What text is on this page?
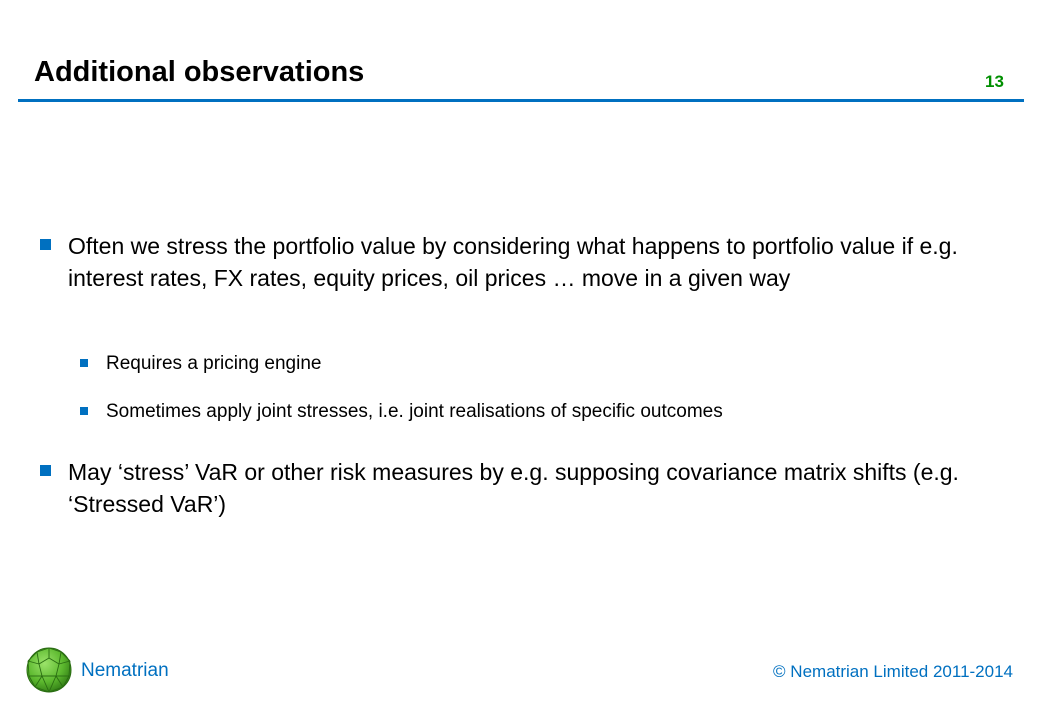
Additional observations	13
Often we stress the portfolio value by considering what happens to portfolio value if e.g. interest rates, FX rates, equity prices, oil prices … move in a given way
Requires a pricing engine
Sometimes apply joint stresses, i.e. joint realisations of specific outcomes
May ‘stress’ VaR or other risk measures by e.g. supposing covariance matrix shifts (e.g. ‘Stressed VaR’)
Nematrian	© Nematrian Limited 2011-2014
